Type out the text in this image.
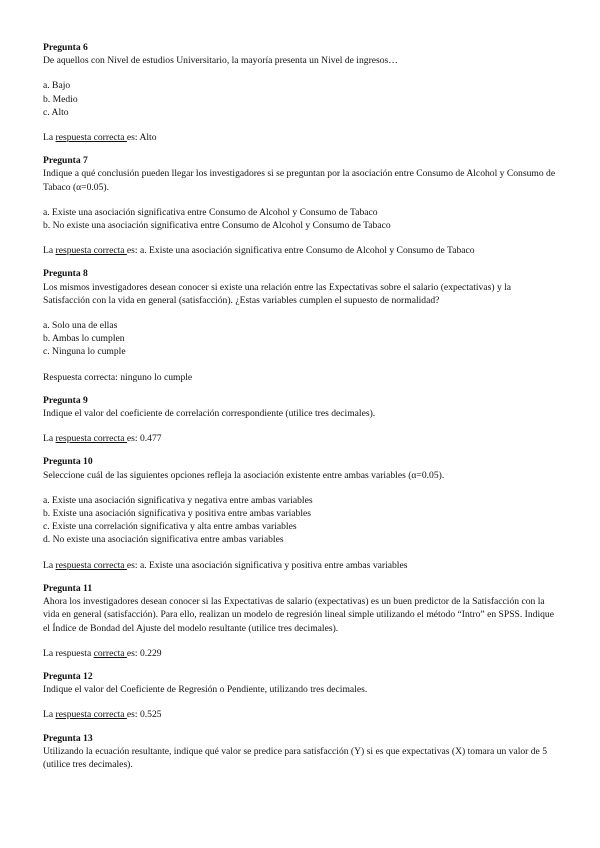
Pregunta 6

De aquellos con Nivel de estudios Universitario, la mayoría presenta un Nivel de ingresos…

a. Bajo

b. Medio

c. Alto

La respuesta correcta es: Alto

Pregunta 7

Indique a qué conclusión pueden llegar los investigadores si se preguntan por la asociación entre Consumo de Alcohol y Consumo de Tabaco (α=0.05).

a. Existe una asociación significativa entre Consumo de Alcohol y Consumo de Tabaco

b. No existe una asociación significativa entre Consumo de Alcohol y Consumo de Tabaco

La respuesta correcta es: a. Existe una asociación significativa entre Consumo de Alcohol y Consumo de Tabaco

Pregunta 8

Los mismos investigadores desean conocer si existe una relación entre las Expectativas sobre el salario (expectativas) y la Satisfacción con la vida en general (satisfacción). ¿Estas variables cumplen el supuesto de normalidad?

a. Solo una de ellas

b. Ambas lo cumplen

c. Ninguna lo cumple

Respuesta correcta: ninguno lo cumple

Pregunta 9

Indique el valor del coeficiente de correlación correspondiente (utilice tres decimales).

La respuesta correcta es: 0.477

Pregunta 10

Seleccione cuál de las siguientes opciones refleja la asociación existente entre ambas variables (α=0.05).

a. Existe una asociación significativa y negativa entre ambas variables

b. Existe una asociación significativa y positiva entre ambas variables

c. Existe una correlación significativa y alta entre ambas variables

d. No existe una asociación significativa entre ambas variables

La respuesta correcta es: a. Existe una asociación significativa y positiva entre ambas variables

Pregunta 11

Ahora los investigadores desean conocer si las Expectativas de salario (expectativas) es un buen predictor de la Satisfacción con la vida en general (satisfacción). Para ello, realizan un modelo de regresión lineal simple utilizando el método “Intro” en SPSS. Indique el Índice de Bondad del Ajuste del modelo resultante (utilice tres decimales).

La respuesta correcta es: 0.229

Pregunta 12

Indique el valor del Coeficiente de Regresión o Pendiente, utilizando tres decimales.

La respuesta correcta es: 0.525

Pregunta 13

Utilizando la ecuación resultante, indique qué valor se predice para satisfacción (Y) si es que expectativas (X) tomara un valor de 5 (utilice tres decimales).
